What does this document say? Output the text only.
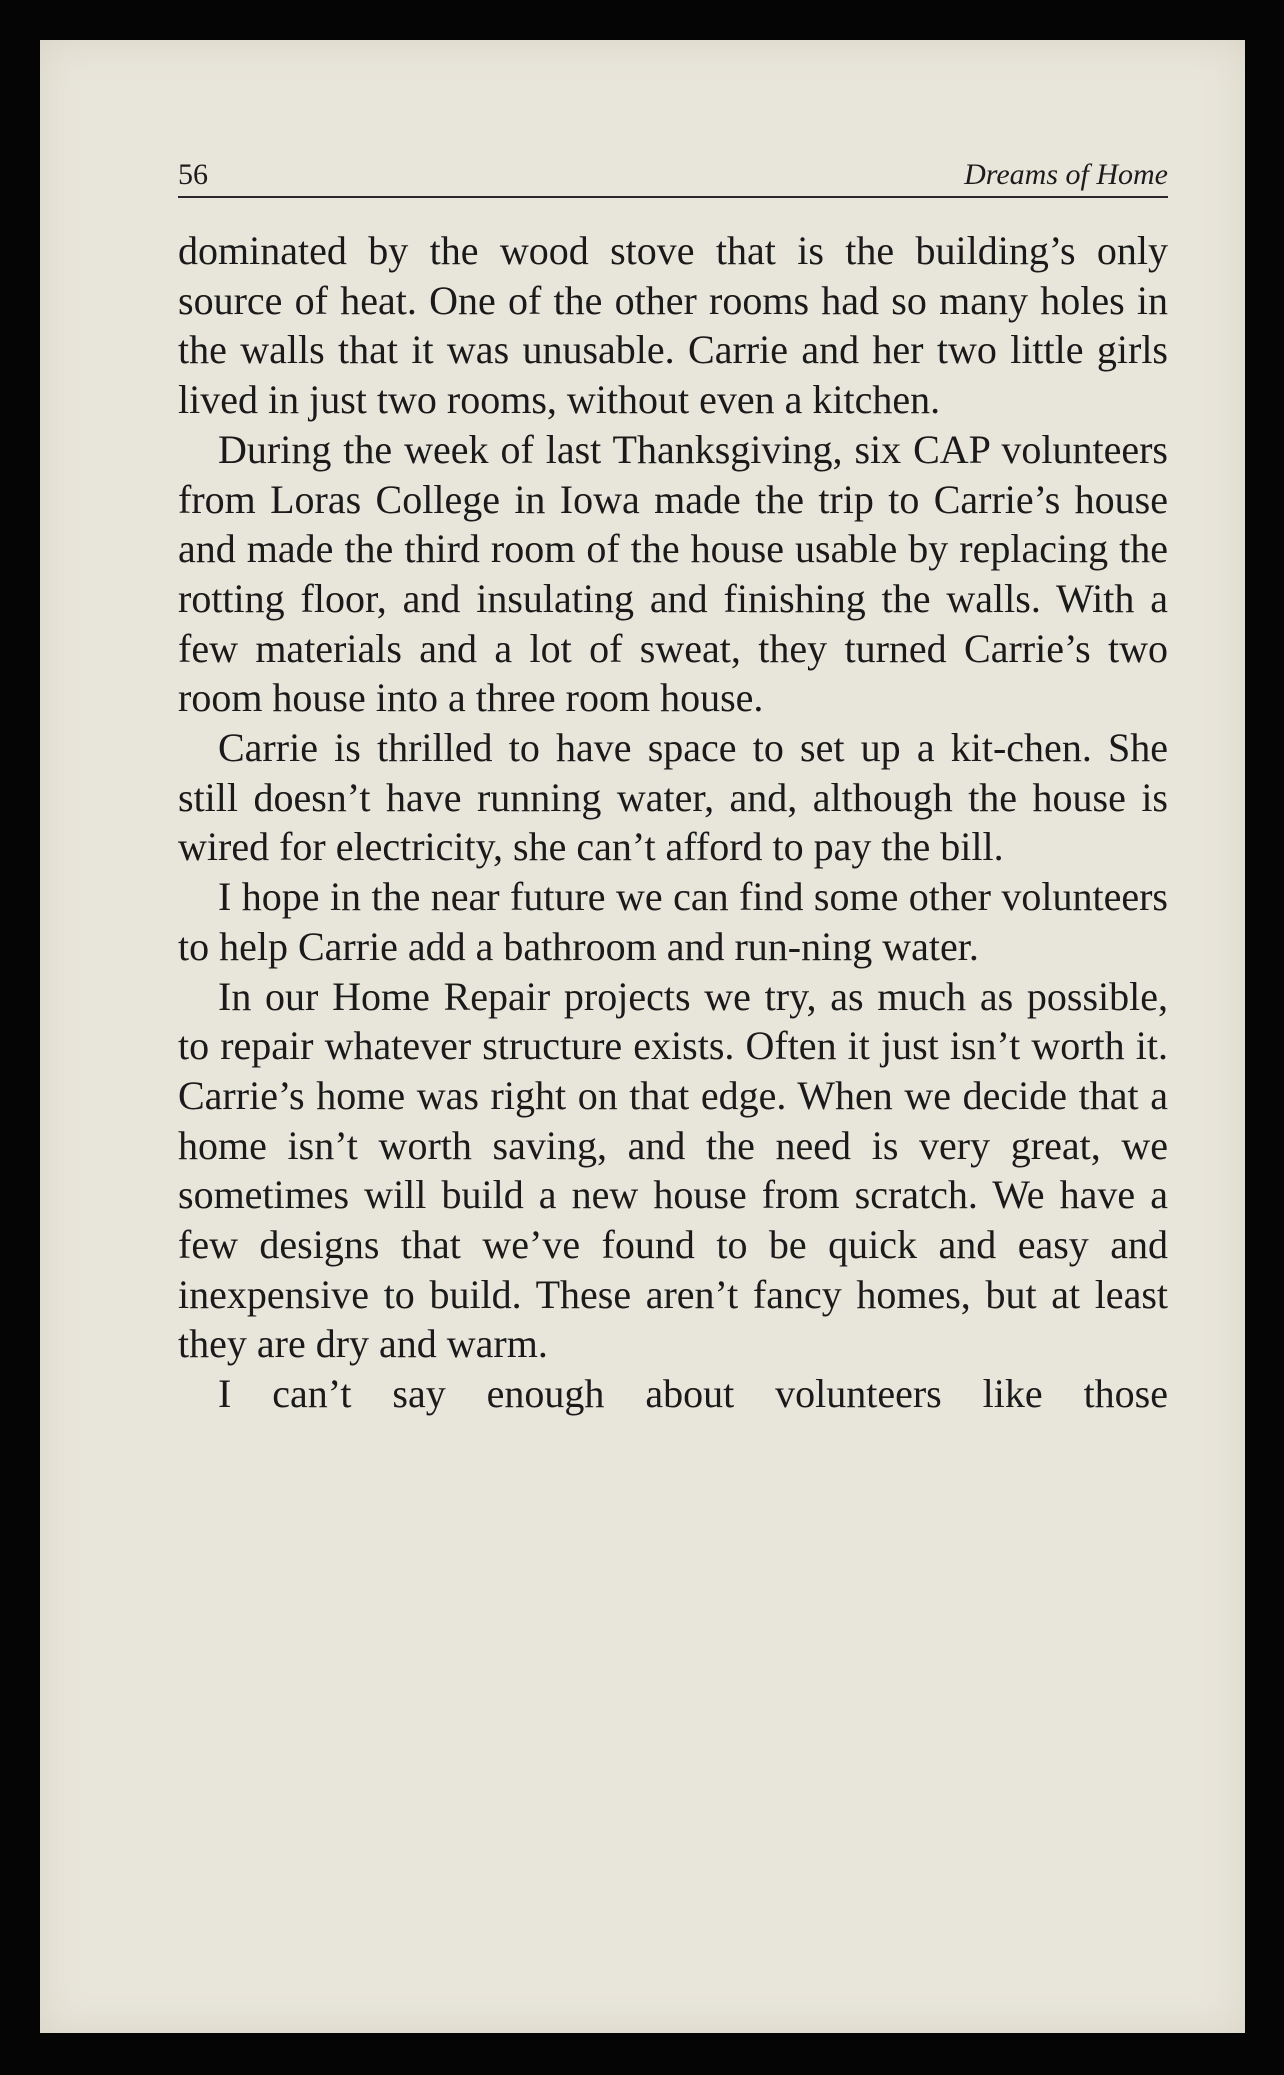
56	Dreams of Home

dominated by the wood stove that is the building’s only source of heat. One of the other rooms had so many holes in the walls that it was unusable. Carrie and her two little girls lived in just two rooms, without even a kitchen.

During the week of last Thanksgiving, six CAP volunteers from Loras College in Iowa made the trip to Carrie’s house and made the third room of the house usable by replacing the rotting floor, and insulating and finishing the walls. With a few materials and a lot of sweat, they turned Carrie’s two room house into a three room house.

Carrie is thrilled to have space to set up a kit-chen. She still doesn’t have running water, and, although the house is wired for electricity, she can’t afford to pay the bill.

I hope in the near future we can find some other volunteers to help Carrie add a bathroom and run-ning water.

In our Home Repair projects we try, as much as possible, to repair whatever structure exists. Often it just isn’t worth it. Carrie’s home was right on that edge. When we decide that a home isn’t worth saving, and the need is very great, we sometimes will build a new house from scratch. We have a few designs that we’ve found to be quick and easy and inexpensive to build. These aren’t fancy homes, but at least they are dry and warm.

I can’t say enough about volunteers like those
